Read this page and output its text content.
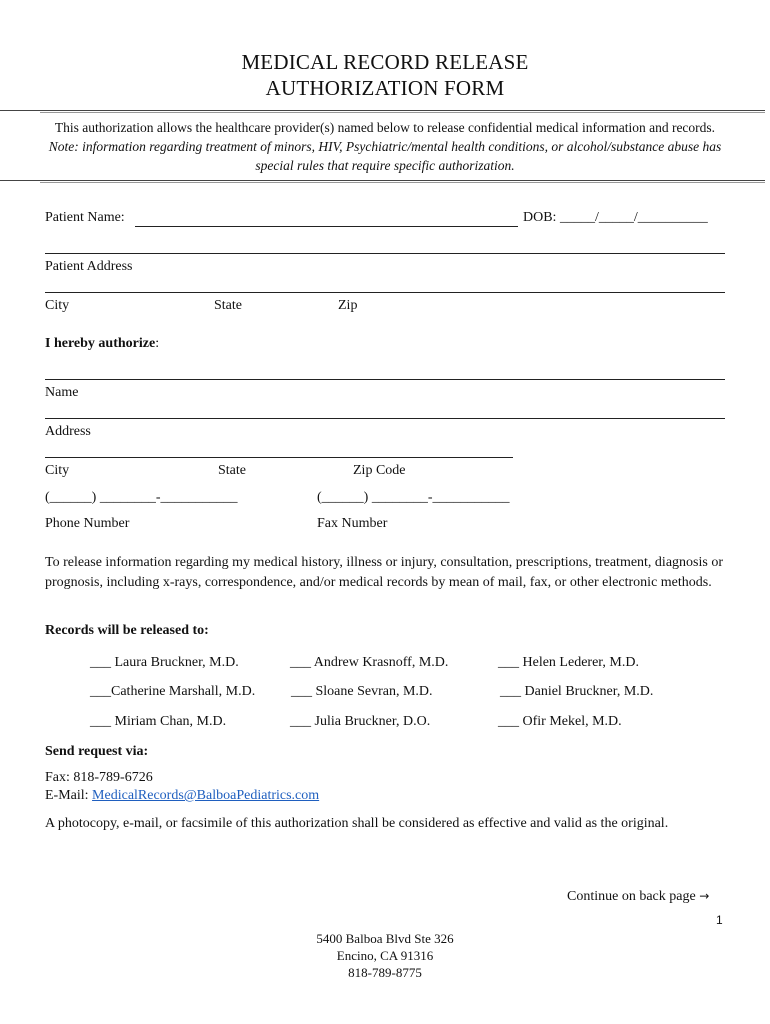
MEDICAL RECORD RELEASE
AUTHORIZATION FORM
This authorization allows the healthcare provider(s) named below to release confidential medical information and records. Note: information regarding treatment of minors, HIV, Psychiatric/mental health conditions, or alcohol/substance abuse has special rules that require specific authorization.
Patient Name:	DOB: _____/_____/__________
Patient Address
City	State	Zip
I hereby authorize:
Name
Address
City	State	Zip Code
(______) ________-___________	(______) ________-___________
Phone Number	Fax Number
To release information regarding my medical history, illness or injury, consultation, prescriptions, treatment, diagnosis or prognosis, including x-rays, correspondence, and/or medical records by mean of mail, fax, or other electronic methods.
Records will be released to:
___ Laura Bruckner, M.D.	___ Andrew Krasnoff, M.D.	___ Helen Lederer, M.D.
___Catherine Marshall, M.D.	___ Sloane Sevran, M.D.	___ Daniel Bruckner, M.D.
___ Miriam Chan, M.D.	___ Julia Bruckner, D.O.	___ Ofir Mekel, M.D.
Send request via:
Fax: 818-789-6726
E-Mail: MedicalRecords@BalboaPediatrics.com
A photocopy, e-mail, or facsimile of this authorization shall be considered as effective and valid as the original.
Continue on back page →
1
5400 Balboa Blvd Ste 326
Encino, CA 91316
818-789-8775
